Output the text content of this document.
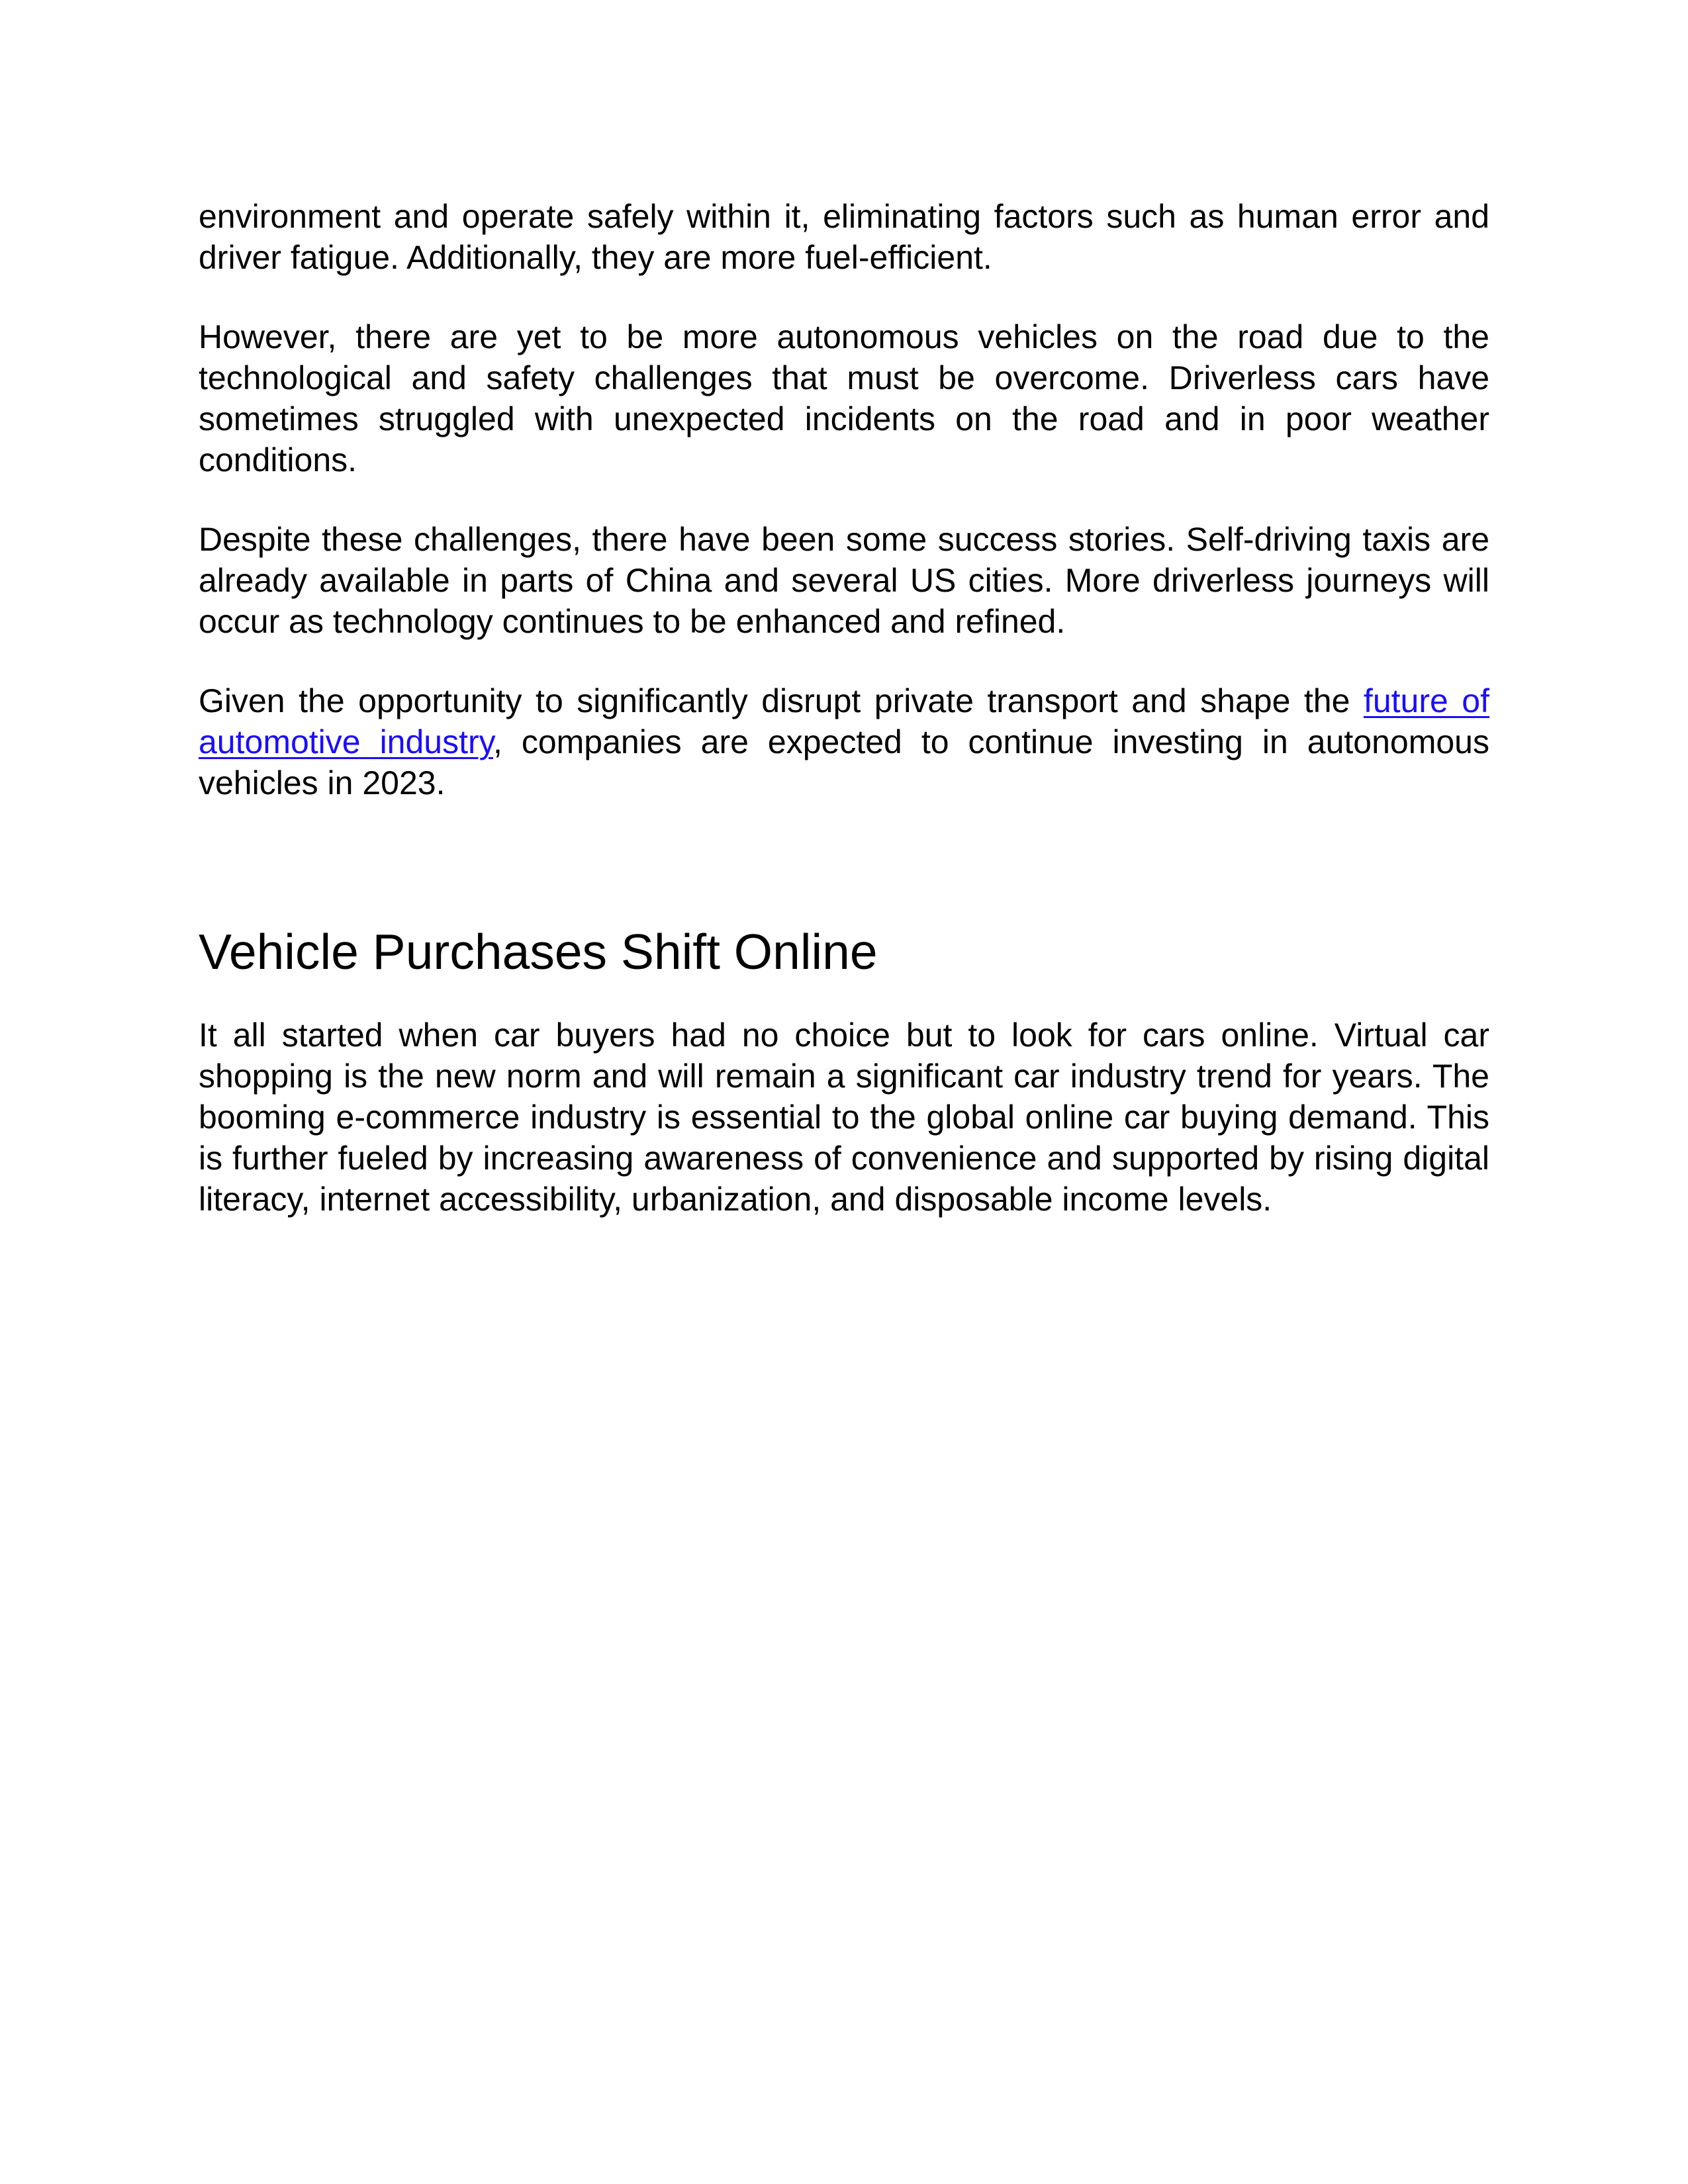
environment and operate safely within it, eliminating factors such as human error and driver fatigue. Additionally, they are more fuel-efficient.

However, there are yet to be more autonomous vehicles on the road due to the technological and safety challenges that must be overcome. Driverless cars have sometimes struggled with unexpected incidents on the road and in poor weather conditions.

Despite these challenges, there have been some success stories. Self-driving taxis are already available in parts of China and several US cities. More driverless journeys will occur as technology continues to be enhanced and refined.

Given the opportunity to significantly disrupt private transport and shape the future of automotive industry, companies are expected to continue investing in autonomous vehicles in 2023.

Vehicle Purchases Shift Online

It all started when car buyers had no choice but to look for cars online. Virtual car shopping is the new norm and will remain a significant car industry trend for years. The booming e-commerce industry is essential to the global online car buying demand. This is further fueled by increasing awareness of convenience and supported by rising digital literacy, internet accessibility, urbanization, and disposable income levels.
